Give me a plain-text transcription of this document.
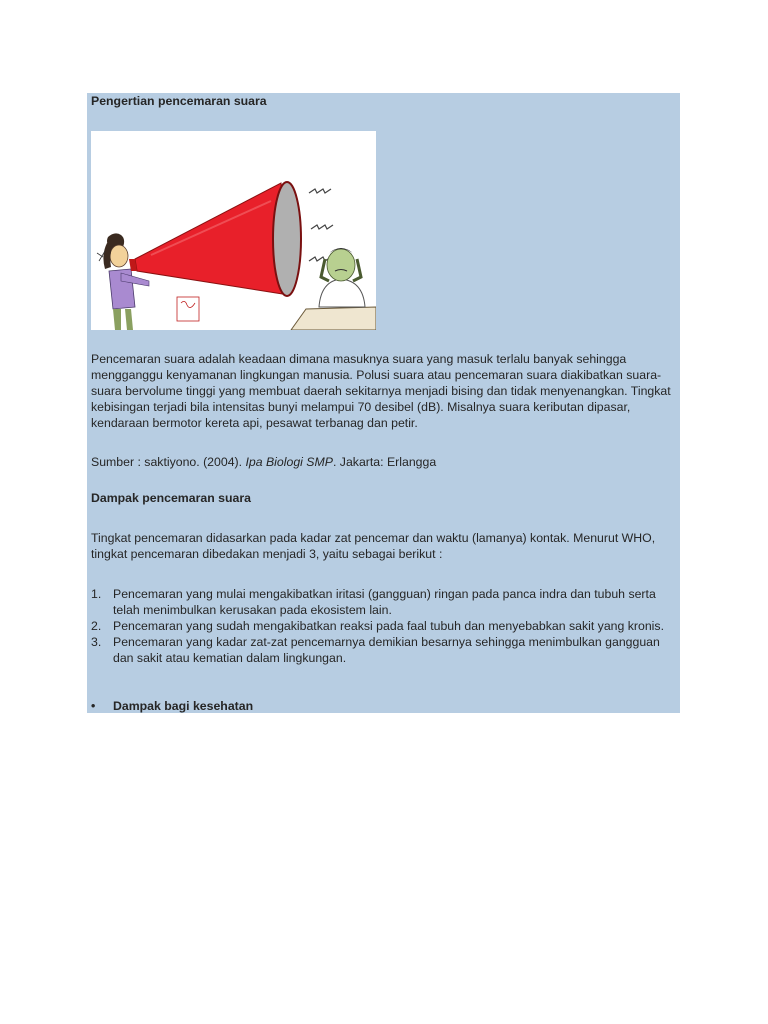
Pengertian pencemaran suara

Pencemaran suara adalah keadaan dimana masuknya suara yang masuk terlalu banyak sehingga mengganggu kenyamanan lingkungan manusia. Polusi suara atau pencemaran suara diakibatkan suara-suara bervolume tinggi yang membuat daerah sekitarnya menjadi bising dan tidak menyenangkan. Tingkat kebisingan terjadi bila intensitas bunyi melampui 70 desibel (dB). Misalnya suara keributan dipasar, kendaraan bermotor kereta api, pesawat terbanag dan petir.

Sumber : saktiyono. (2004). Ipa Biologi SMP. Jakarta: Erlangga

Dampak pencemaran suara

Tingkat pencemaran didasarkan pada kadar zat pencemar dan waktu (lamanya) kontak. Menurut WHO, tingkat pencemaran dibedakan menjadi 3, yaitu sebagai berikut :

1. Pencemaran yang mulai mengakibatkan iritasi (gangguan) ringan pada panca indra dan tubuh serta telah menimbulkan kerusakan pada ekosistem lain.
2. Pencemaran yang sudah mengakibatkan reaksi pada faal tubuh dan menyebabkan sakit yang kronis.
3. Pencemaran yang kadar zat-zat pencemarnya demikian besarnya sehingga menimbulkan gangguan dan sakit atau kematian dalam lingkungan.
• Dampak bagi kesehatan
